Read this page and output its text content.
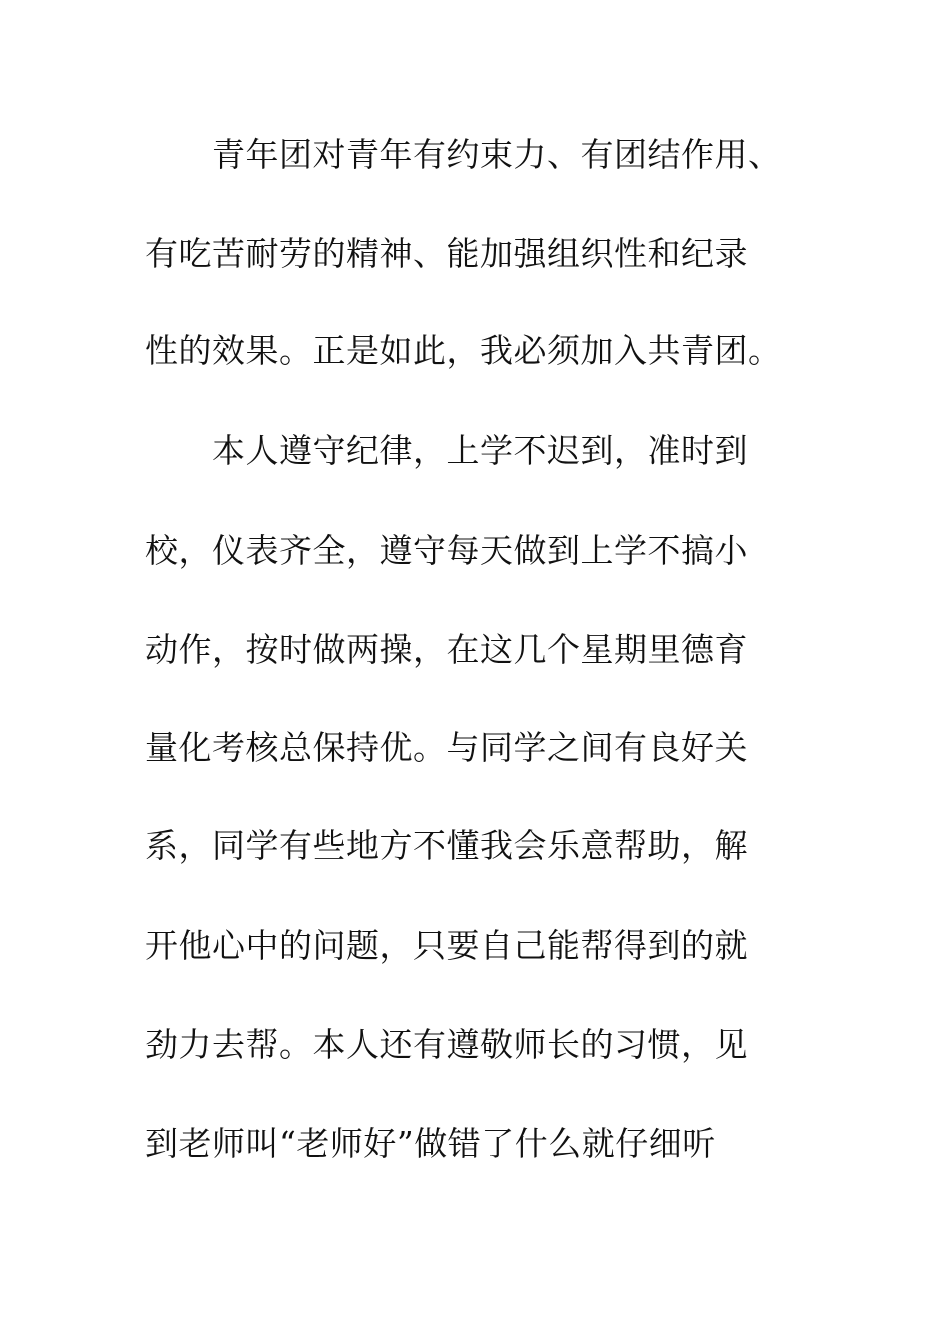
青年团对青年有约束力、有团结作用、

有吃苦耐劳的精神、能加强组织性和纪录

性的效果。正是如此，我必须加入共青团。

本人遵守纪律，上学不迟到，准时到

校，仪表齐全，遵守每天做到上学不搞小

动作，按时做两操，在这几个星期里德育

量化考核总保持优。与同学之间有良好关

系，同学有些地方不懂我会乐意帮助，解

开他心中的问题，只要自己能帮得到的就

劲力去帮。本人还有遵敬师长的习惯，见

到老师叫“老师好”做错了什么就仔细听
